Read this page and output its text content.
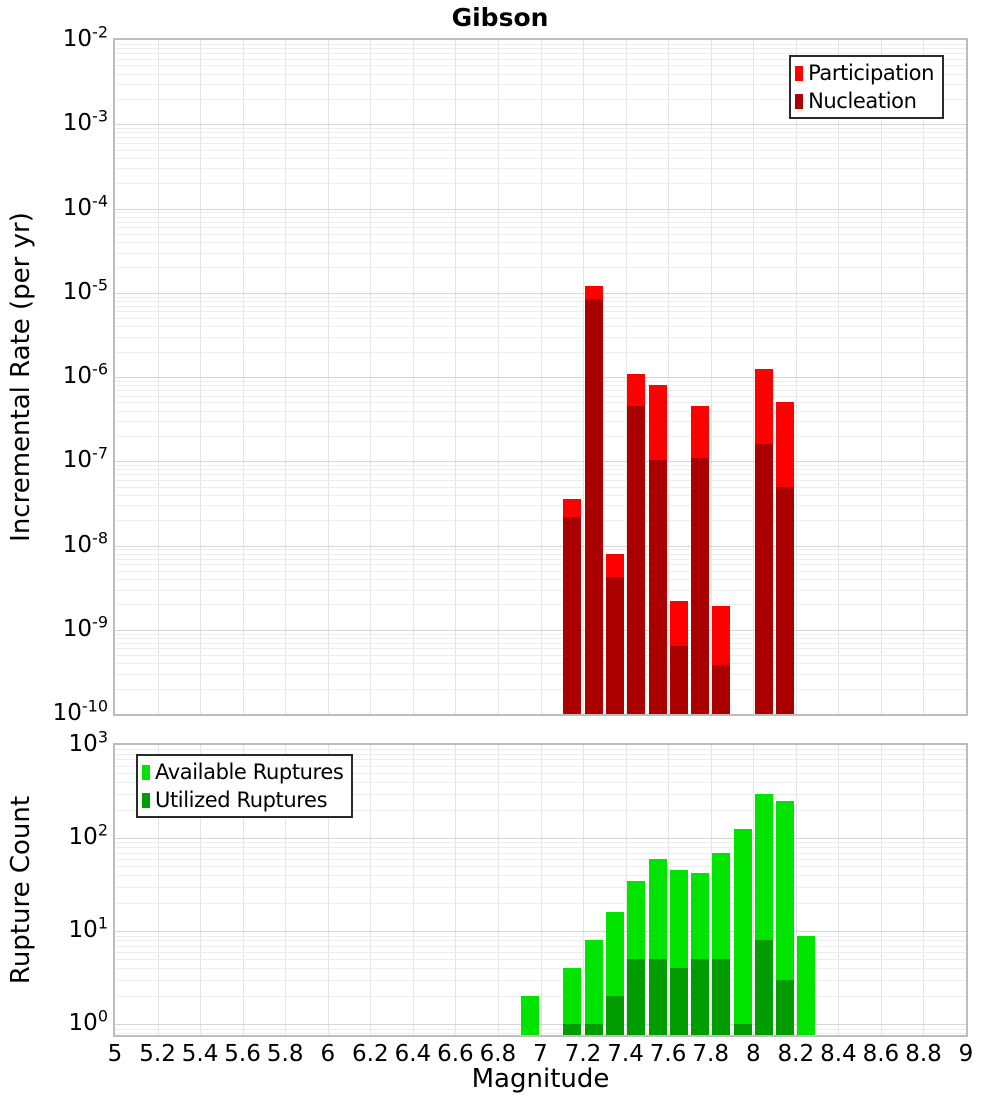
Gibson
Incremental Rate (per yr)
Rupture Count
Magnitude
Participation
Nucleation
Available Ruptures
Utilized Ruptures
$10^{-2}$
$10^{-3}$
$10^{-4}$
$10^{-5}$
$10^{-6}$
$10^{-7}$
$10^{-8}$
$10^{-9}$
$10^{-10}$
$10^3$
$10^2$
$10^1$
$10^0$
5 5.2 5.4 5.6 5.8 6 6.2 6.4 6.6 6.8 7 7.2 7.4 7.6 7.8 8 8.2 8.4 8.6 8.8 9
